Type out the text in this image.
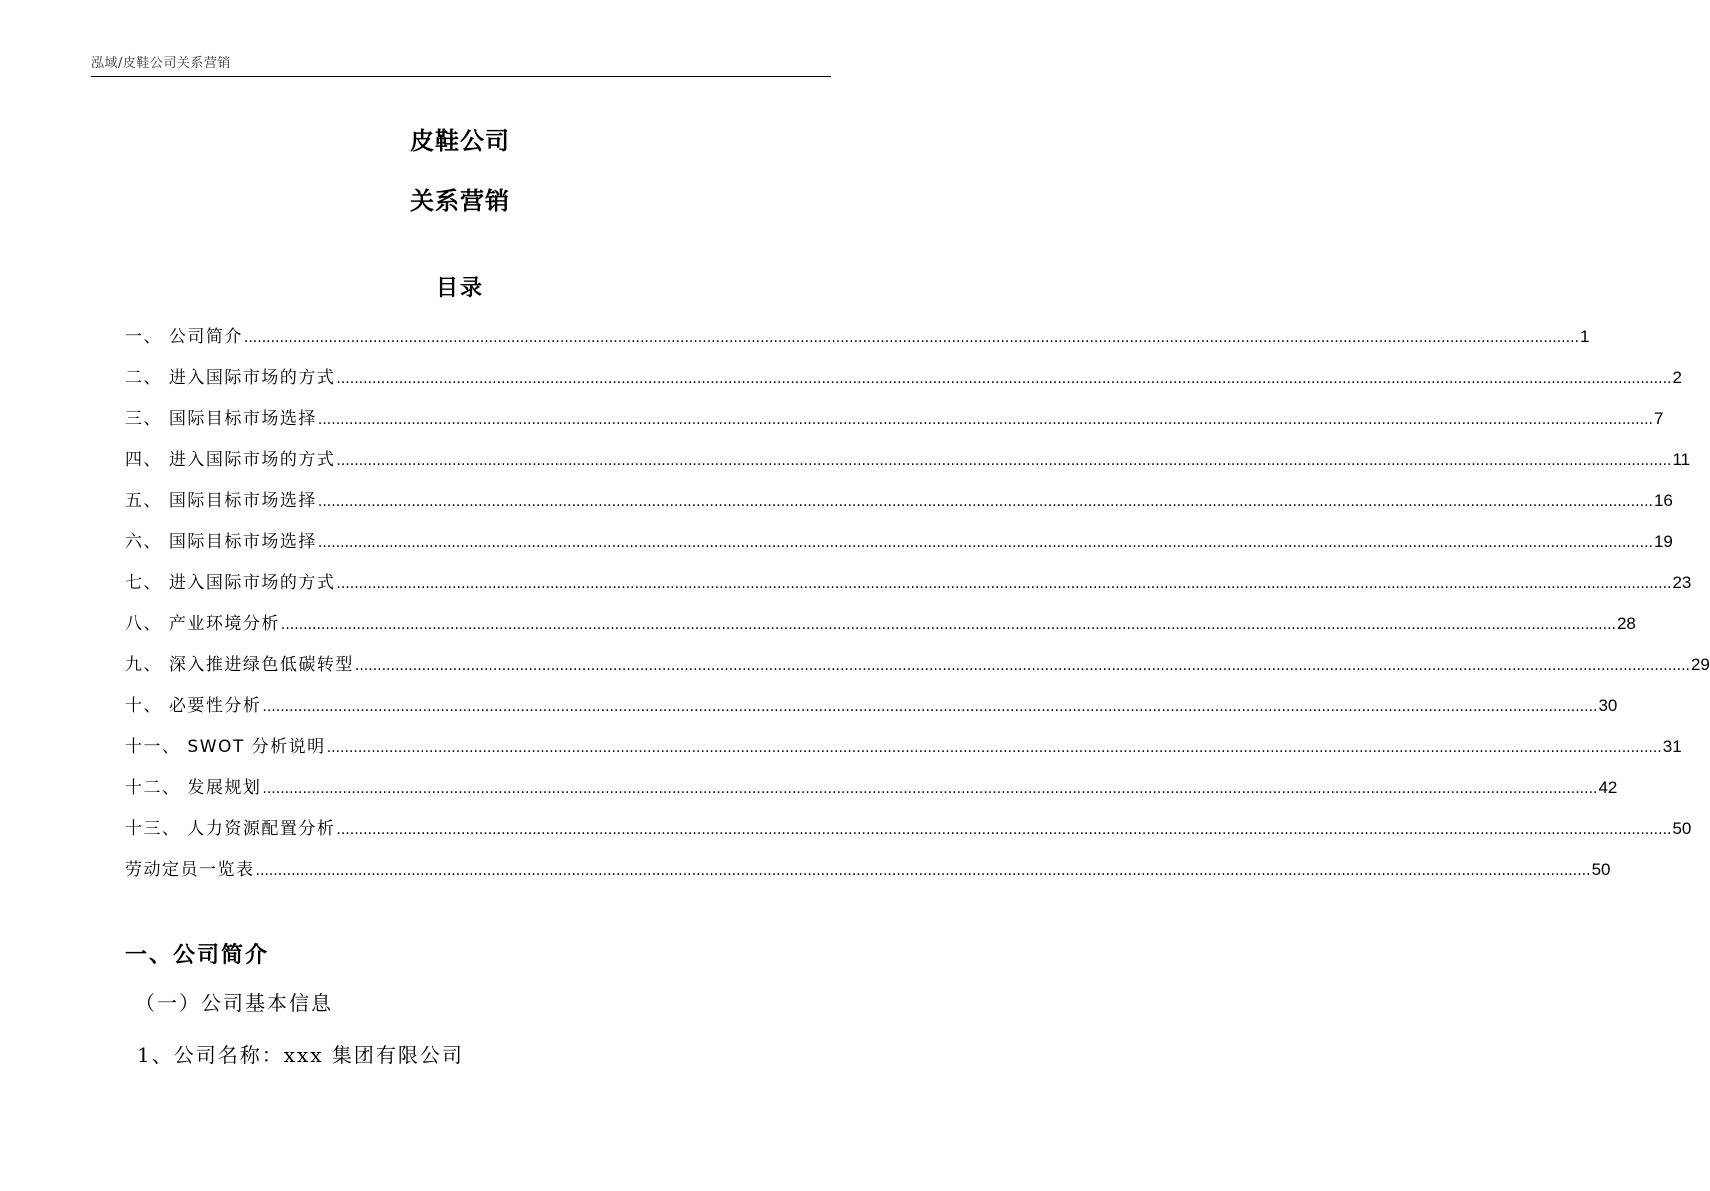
泓域/皮鞋公司关系营销
皮鞋公司
关系营销
目录
一、 公司简介 ............................................................................................................................................................................................................................................................................................................ 1
二、 进入国际市场的方式 ............................................................................................................................................................................................................................................................................................................ 2
三、 国际目标市场选择 ............................................................................................................................................................................................................................................................................................................ 7
四、 进入国际市场的方式 ............................................................................................................................................................................................................................................................................................................ 11
五、 国际目标市场选择 ............................................................................................................................................................................................................................................................................................................ 16
六、 国际目标市场选择 ............................................................................................................................................................................................................................................................................................................ 19
七、 进入国际市场的方式 ............................................................................................................................................................................................................................................................................................................ 23
八、 产业环境分析 ............................................................................................................................................................................................................................................................................................................ 28
九、 深入推进绿色低碳转型 ............................................................................................................................................................................................................................................................................................................ 29
十、 必要性分析 ............................................................................................................................................................................................................................................................................................................ 30
十一、 SWOT 分析说明 ............................................................................................................................................................................................................................................................................................................ 31
十二、 发展规划 ............................................................................................................................................................................................................................................................................................................ 42
十三、 人力资源配置分析 ............................................................................................................................................................................................................................................................................................................ 50
劳动定员一览表 ............................................................................................................................................................................................................................................................................................................ 50
一、公司简介
（一）公司基本信息
1、公司名称：xxx 集团有限公司
